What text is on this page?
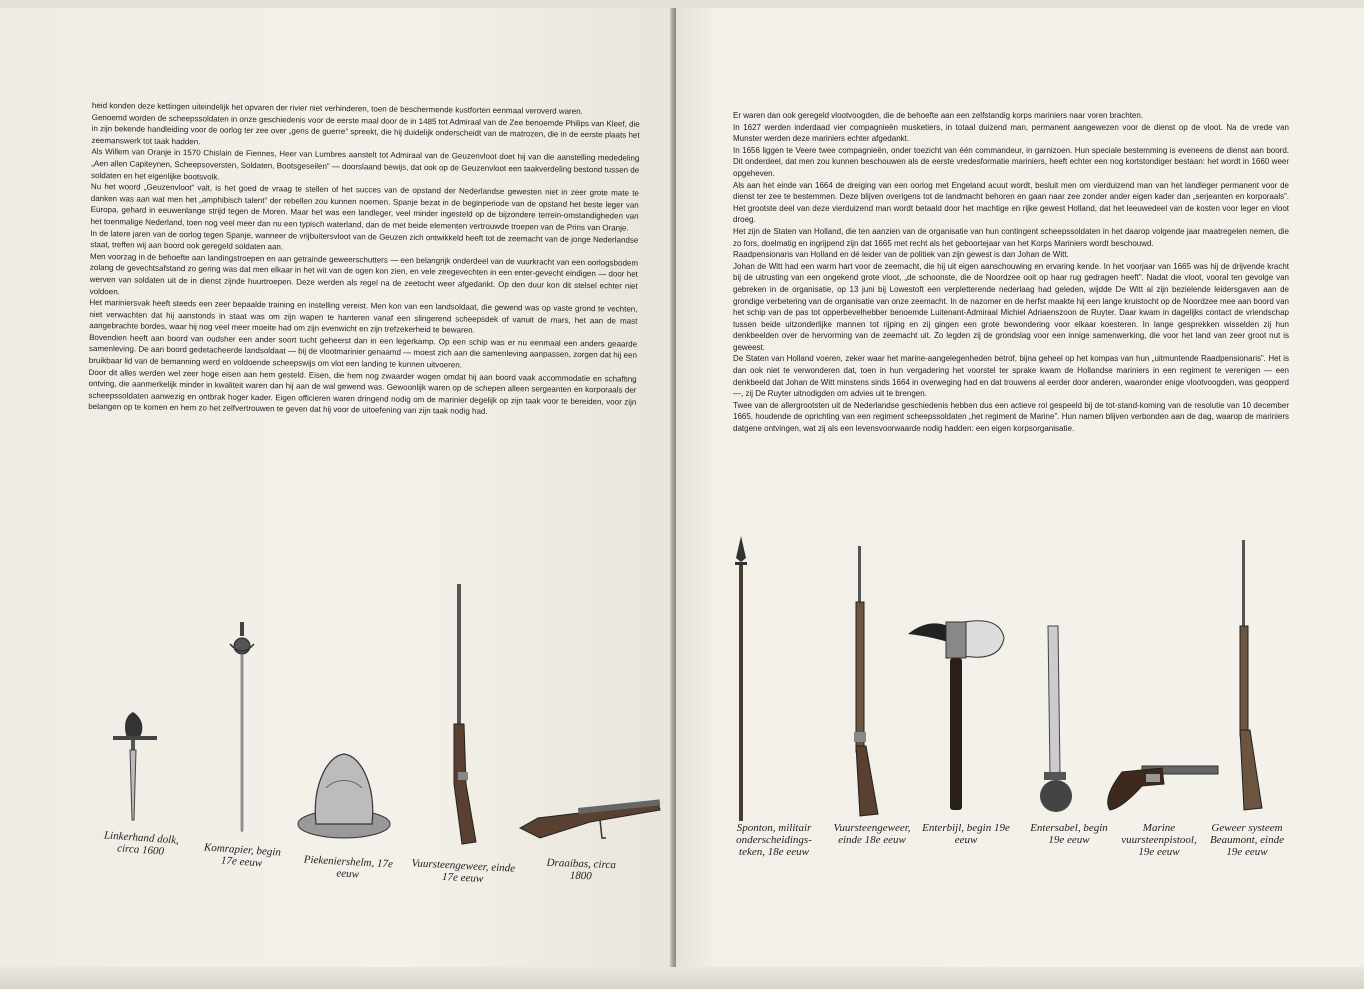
heid konden deze kettingen uiteindelijk het opvaren der rivier niet verhinderen, toen de beschermende kustforten eenmaal veroverd waren.

Genoemd worden de scheepssoldaten in onze geschiedenis voor de eerste maal door de in 1485 tot Admiraal van de Zee benoemde Philips van Kleef, die in zijn bekende handleiding voor de oorlog ter zee over „gens de guerre” spreekt, die hij duidelijk onderscheidt van de matrozen, die in de eerste plaats het zeemanswerk tot taak hadden.

Als Willem van Oranje in 1570 Chislain de Fiennes, Heer van Lumbres aanstelt tot Admiraal van de Geuzenvloot doet hij van die aanstelling mededeling „Aen allen Capiteynen, Scheepsoversten, Soldaten, Bootsgeseilen” — doorslaand bewijs, dat ook op de Geuzenvloot een taakverdeling bestond tussen de soldaten en het eigenlijke bootsvolk.

Nu het woord „Geuzenvloot” valt, is het goed de vraag te stellen of het succes van de opstand der Nederlandse gewesten niet in zeer grote mate te danken was aan wat men het „amphibisch talent” der rebellen zou kunnen noemen. Spanje bezat in de beginperiode van de opstand het beste leger van Europa, gehard in eeuwenlange strijd tegen de Moren. Maar het was een landleger, veel minder ingesteld op de bijzondere terrein-omstandigheden van het toenmalige Nederland, toen nog veel meer dan nu een typisch waterland, dan de met beide elementen vertrouwde troepen van de Prins van Oranje.

In de latere jaren van de oorlog tegen Spanje, wanneer de vrijbuitersvloot van de Geuzen zich ontwikkeld heeft tot de zeemacht van de jonge Nederlandse staat, treffen wij aan boord ook geregeld soldaten aan.

Men voorzag in de behoefte aan landingstroepen en aan getrainde geweerschutters — een belangrijk onderdeel van de vuurkracht van een oorlogsbodem zolang de gevechtsafstand zo gering was dat men elkaar in het wit van de ogen kon zien, en vele zeegevechten in een enter-gevecht eindigen — door het werven van soldaten uit de in dienst zijnde huurtroepen. Deze werden als regel na de zeetocht weer afgedankt. Op den duur kon dit stelsel echter niet voldoen.

Het mariniersvak heeft steeds een zeer bepaalde training en instelling vereist. Men kon van een landsoldaat, die gewend was op vaste grond te vechten, niet verwachten dat hij aanstonds in staat was om zijn wapen te hanteren vanaf een slingerend scheepsdek of vanuit de mars, het aan de mast aangebrachte bordes, waar hij nog veel meer moeite had om zijn evenwicht en zijn trefzekerheid te bewaren.

Bovendien heeft aan boord van oudsher een ander soort tucht geheerst dan in een legerkamp. Op een schip was er nu eenmaal een anders geaarde samenleving. De aan boord gedetacheerde landsoldaat — bij de vlootmarinier genaamd — moest zich aan die samenleving aanpassen, zorgen dat hij een bruikbaar lid van de bemanning werd en voldoende scheepswijs om vlot een landing te kunnen uitvoeren.

Door dit alles werden wel zeer hoge eisen aan hem gesteld. Eisen, die hem nog zwaarder wogen omdat hij aan boord vaak accommodatie en schafting ontving, die aanmerkelijk minder in kwaliteit waren dan hij aan de wal gewend was. Gewoonlijk waren op de schepen alleen sergeanten en korporaals der scheepssoldaten aanwezig en ontbrak hoger kader. Eigen officieren waren dringend nodig om de marinier degelijk op zijn taak voor te bereiden, voor zijn belangen op te komen en hem zo het zelfvertrouwen te geven dat hij voor de uitoefening van zijn taak nodig had.

Linkerhand dolk, circa 1600	Komrapier, begin 17e eeuw	Piekeniershelm, 17e eeuw	Vuursteengeweer, einde 17e eeuw
Draaibas, circa 1800

Er waren dan ook geregeld vlootvoogden, die de behoefte aan een zelfstandig korps mariniers naar voren brachten.

In 1627 werden inderdaad vier compagnieën musketiers, in totaal duizend man, permanent aangewezen voor de dienst op de vloot. Na de vrede van Munster werden deze mariniers echter afgedankt.

In 1656 liggen te Veere twee compagnieën, onder toezicht van één commandeur, in garnizoen. Hun speciale bestemming is eveneens de dienst aan boord. Dit onderdeel, dat men zou kunnen beschouwen als de eerste vredesformatie mariniers, heeft echter een nog kortstondiger bestaan: het wordt in 1660 weer opgeheven.

Als aan het einde van 1664 de dreiging van een oorlog met Engeland acuut wordt, besluit men om vierduizend man van het landleger permanent voor de dienst ter zee te bestemmen. Deze blijven overigens tot de landmacht behoren en gaan naar zee zonder ander eigen kader dan „serjeanten en korporaals”. Het grootste deel van deze vierduizend man wordt betaald door het machtige en rijke gewest Holland, dat het leeuwedeel van de kosten voor leger en vloot droeg.

Het zijn de Staten van Holland, die ten aanzien van de organisatie van hun contingent scheepssoldaten in het daarop volgende jaar maatregelen nemen, die zo fors, doelmatig en ingrijpend zijn dat 1665 met recht als het geboortejaar van het Korps Mariniers wordt beschouwd.

Raadpensionaris van Holland en dé leider van de politiek van zijn gewest is dan Johan de Witt.

Johan de Witt had een warm hart voor de zeemacht, die hij uit eigen aanschouwing en ervaring kende. In het voorjaar van 1665 was hij de drijvende kracht bij de uitrusting van een ongekend grote vloot, „de schoonste, die de Noordzee ooit op haar rug gedragen heeft”. Nadat die vloot, vooral ten gevolge van gebreken in de organisatie, op 13 juni bij Lowestoft een verpletterende nederlaag had geleden, wijdde De Witt al zijn bezielende leidersgaven aan de grondige verbetering van de organisatie van onze zeemacht. In de nazomer en de herfst maakte hij een lange kruistocht op de Noordzee mee aan boord van het schip van de pas tot opperbevelhebber benoemde Luitenant-Admiraal Michiel Adriaenszoon de Ruyter. Daar kwam in dagelijks contact de vriendschap tussen beide uitzonderlijke mannen tot rijping en zij gingen een grote bewondering voor elkaar koesteren. In lange gesprekken wisselden zij hun denkbeelden over de hervorming van de zeemacht uit. Zo legden zij de grondslag voor een innige samenwerking, die voor het land van zeer groot nut is geweest.

De Staten van Holland voeren, zeker waar het marine-aangelegenheden betrof, bijna geheel op het kompas van hun „uitmuntende Raadpensionaris”. Het is dan ook niet te verwonderen dat, toen in hun vergadering het voorstel ter sprake kwam de Hollandse mariniers in een regiment te verenigen — een denkbeeld dat Johan de Witt minstens sinds 1664 in overweging had en dat trouwens al eerder door anderen, waaronder enige vlootvoogden, was geopperd —, zij De Ruyter uitnodigden om advies uit te brengen.

Twee van de allergrootsten uit de Nederlandse geschiedenis hebben dus een actieve rol gespeeld bij de tot-stand-koming van de resolutie van 10 december 1665, houdende de oprichting van een regiment scheepssoldaten „het regiment de Marine”. Hun namen blijven verbonden aan de dag, waarop de mariniers datgene ontvingen, wat zij als een levensvoorwaarde nodig hadden: een eigen korpsorganisatie.

Sponton, militair onderscheidings-teken, 18e eeuw
Vuursteengeweer, einde 18e eeuw
Enterbijl, begin 19e eeuw
Entersabel, begin 19e eeuw
Marine vuursteenpistool, 19e eeuw
Geweer systeem Beaumont, einde 19e eeuw
